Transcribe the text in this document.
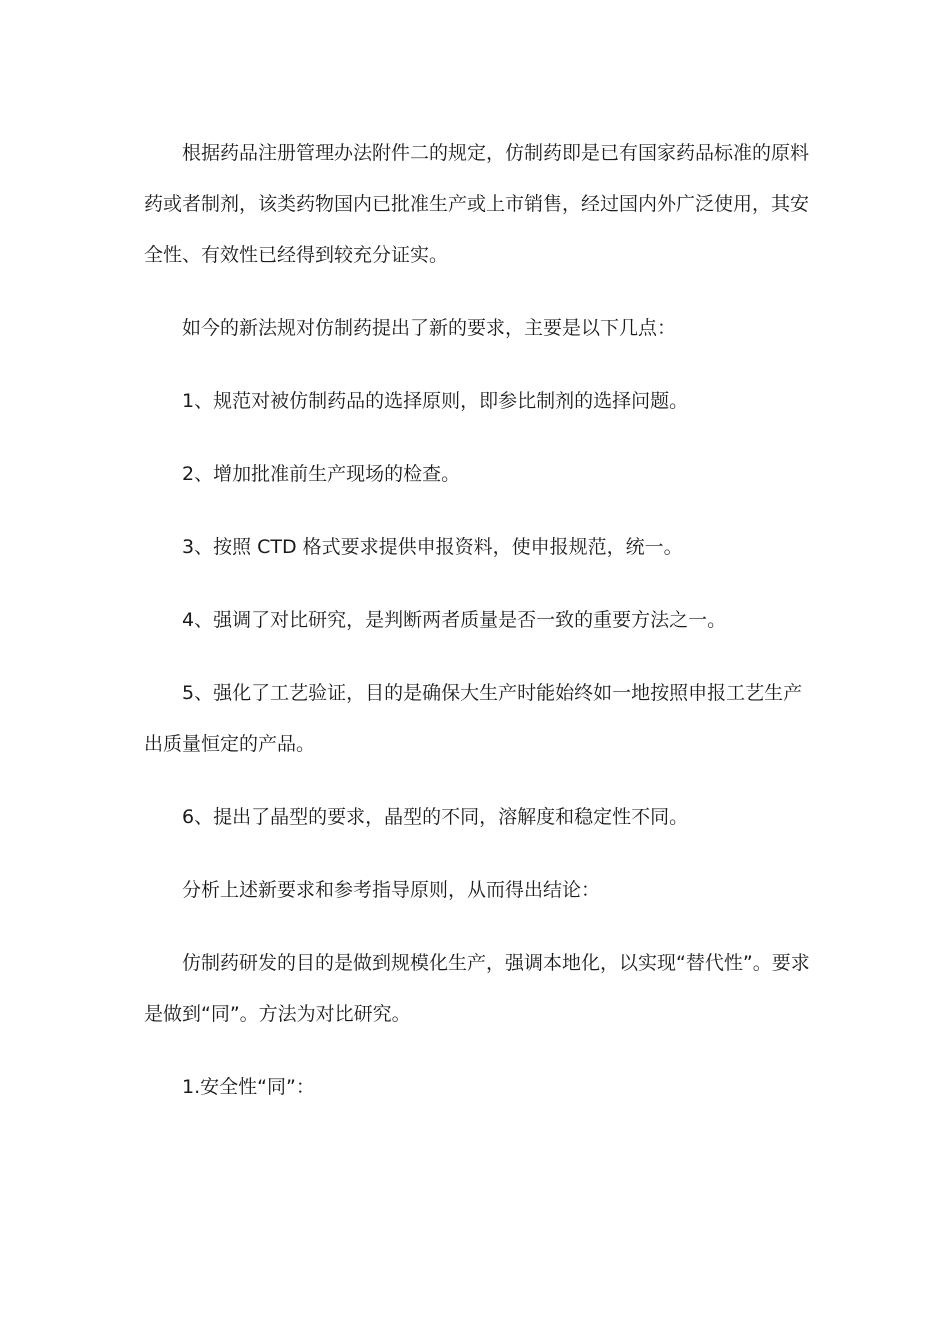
根据药品注册管理办法附件二的规定，仿制药即是已有国家药品标准的原料药或者制剂，该类药物国内已批准生产或上市销售，经过国内外广泛使用，其安全性、有效性已经得到较充分证实。

如今的新法规对仿制药提出了新的要求，主要是以下几点：

1、规范对被仿制药品的选择原则，即参比制剂的选择问题。

2、增加批准前生产现场的检查。

3、按照 CTD 格式要求提供申报资料，使申报规范，统一。

4、强调了对比研究，是判断两者质量是否一致的重要方法之一。

5、强化了工艺验证，目的是确保大生产时能始终如一地按照申报工艺生产出质量恒定的产品。

6、提出了晶型的要求，晶型的不同，溶解度和稳定性不同。

分析上述新要求和参考指导原则，从而得出结论：

仿制药研发的目的是做到规模化生产，强调本地化，以实现“替代性”。要求是做到“同”。方法为对比研究。

1.安全性“同”：
